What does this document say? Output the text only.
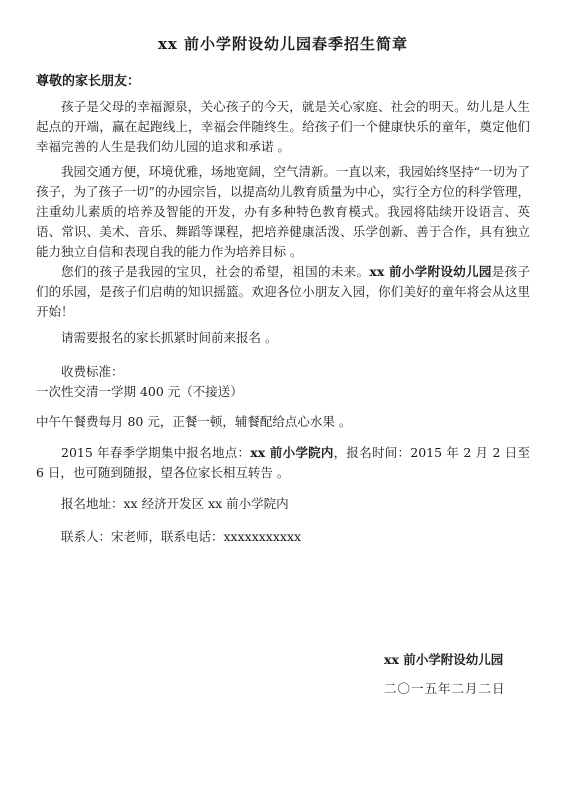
xx 前小学附设幼儿园春季招生简章

尊敬的家长朋友：

孩子是父母的幸福源泉，关心孩子的今天，就是关心家庭、社会的明天。幼儿是人生起点的开端，赢在起跑线上，幸福会伴随终生。给孩子们一个健康快乐的童年，奠定他们幸福完善的人生是我们幼儿园的追求和承诺 。

我园交通方便，环境优雅，场地宽阔，空气清新。一直以来，我园始终坚持“一切为了孩子，为了孩子一切”的办园宗旨，以提高幼儿教育质量为中心，实行全方位的科学管理，注重幼儿素质的培养及智能的开发，办有多种特色教育模式。我园将陆续开设语言、英语、常识、美术、音乐、舞蹈等课程，把培养健康活泼、乐学创新、善于合作，具有独立能力独立自信和表现自我的能力作为培养目标 。

您们的孩子是我园的宝贝，社会的希望，祖国的未来。xx 前小学附设幼儿园是孩子们的乐园，是孩子们启萌的知识摇篮。欢迎各位小朋友入园，你们美好的童年将会从这里开始！

请需要报名的家长抓紧时间前来报名 。

收费标准：

一次性交清一学期 400 元（不接送）

中午午餐费每月 80 元，正餐一顿，辅餐配给点心水果 。

2015 年春季学期集中报名地点：xx 前小学院内，报名时间：2015 年 2 月 2 日至 6 日，也可随到随报，望各位家长相互转告 。

报名地址：xx 经济开发区 xx 前小学院内

联系人：宋老师，联系电话：xxxxxxxxxxx

xx 前小学附设幼儿园

二〇一五年二月二日
